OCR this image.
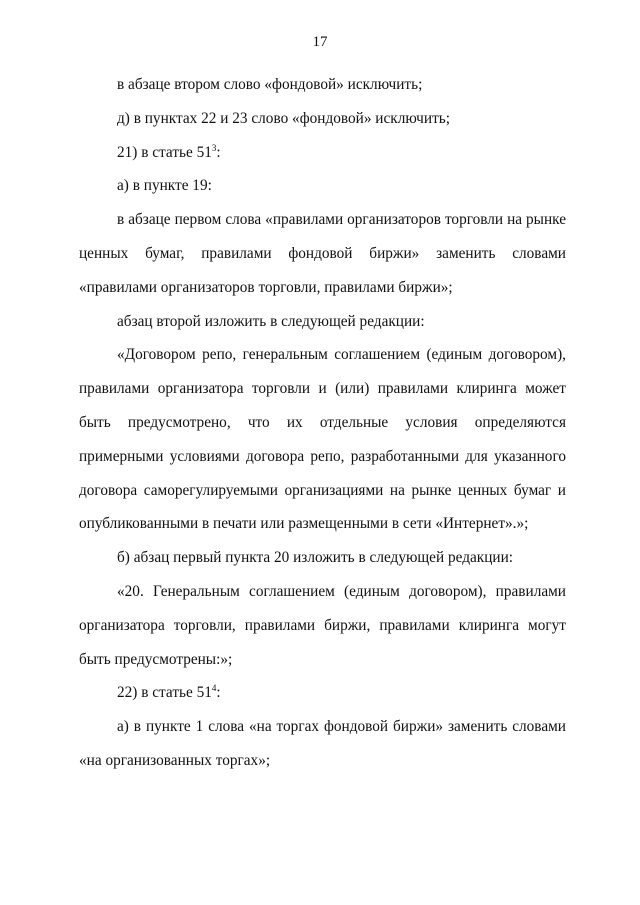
17

в абзаце втором слово «фондовой» исключить;

д) в пунктах 22 и 23 слово «фондовой» исключить;

21) в статье $51^3$:

а) в пункте 19:

в абзаце первом слова «правилами организаторов торговли на рынке ценных бумаг, правилами фондовой биржи» заменить словами «правилами организаторов торговли, правилами биржи»;

абзац второй изложить в следующей редакции:

«Договором репо, генеральным соглашением (единым договором), правилами организатора торговли и (или) правилами клиринга может быть предусмотрено, что их отдельные условия определяются примерными условиями договора репо, разработанными для указанного договора саморегулируемыми организациями на рынке ценных бумаг и опубликованными в печати или размещенными в сети «Интернет».»;

б) абзац первый пункта 20 изложить в следующей редакции:

«20. Генеральным соглашением (единым договором), правилами организатора торговли, правилами биржи, правилами клиринга могут быть предусмотрены:»;

22) в статье $51^4$:

а) в пункте 1 слова «на торгах фондовой биржи» заменить словами «на организованных торгах»;
